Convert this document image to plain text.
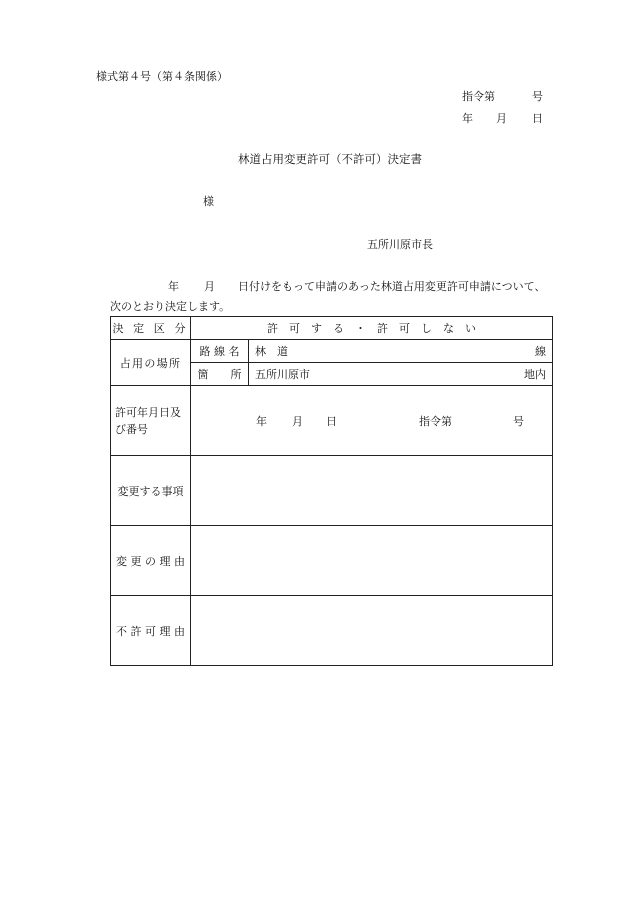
様式第４号（第４条関係）
指令第	号
年 月 日
林道占用変更許可（不許可）決定書
様
五所川原市長
年 月 日付けをもって申請のあった林道占用変更許可申請について、
次のとおり決定します。
決 定 区 分	許　可　す　る　・　許　可　し　な　い	
占用の場所	路 線 名	林　道 線

	箇　　所	五所川原市 地内

許可年月日及び番号	年 月 日 指令第 号	

変更する事項		
変 更 の 理 由		
不 許 可 理 由		
